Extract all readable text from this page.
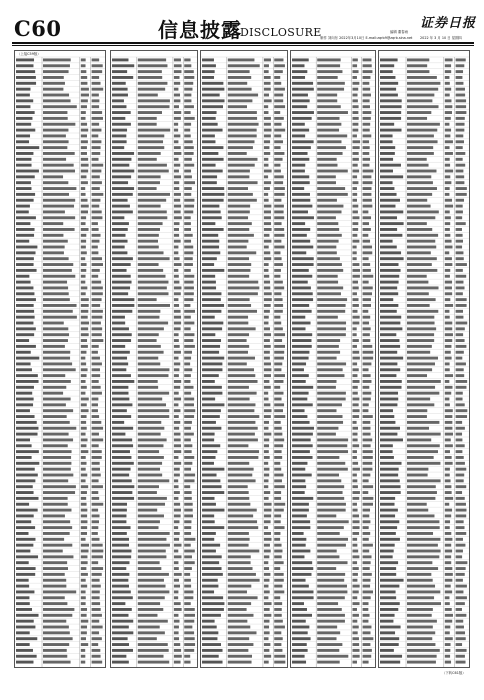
C60	信息披露
DISCLOSURE
证券日报
编辑 董春雨
制作 刘向东 2022年3月10日 E-mail:zqrb9@zqrb.sina.net 2022 年 3 月 10 日 星期四
（上接C59版）
（下转C61版）
